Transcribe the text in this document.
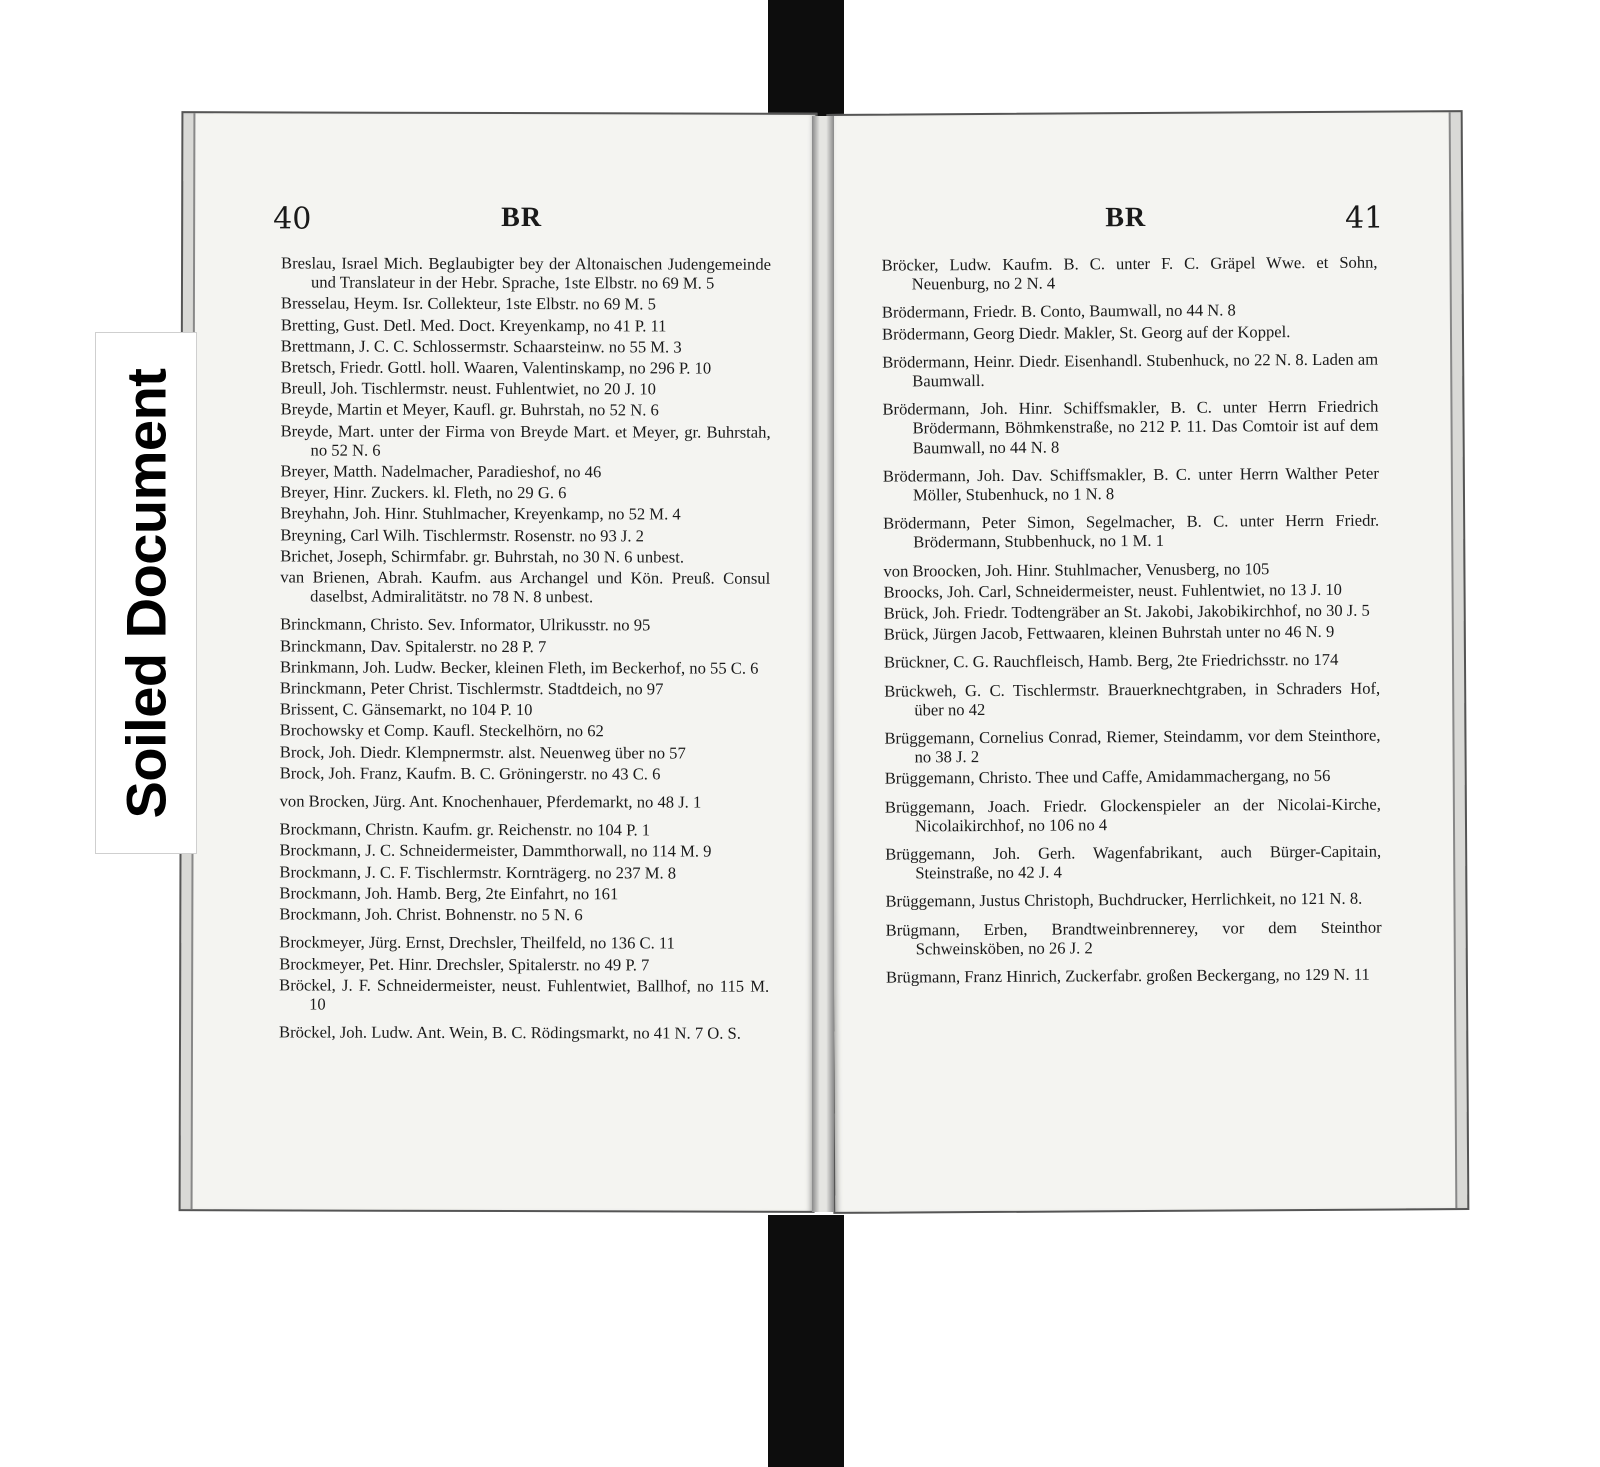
40	BR

Breslau, Israel Mich. Beglaubigter bey der Altonaischen Judengemeinde und Translateur in der Hebr. Sprache, 1ste Elbstr. no 69 M. 5

Bresselau, Heym. Isr. Collekteur, 1ste Elbstr. no 69 M. 5

Bretting, Gust. Detl. Med. Doct. Kreyenkamp, no 41 P. 11

Brettmann, J. C. C. Schlossermstr. Schaarsteinw. no 55 M. 3

Bretsch, Friedr. Gottl. holl. Waaren, Valentinskamp, no 296 P. 10

Breull, Joh. Tischlermstr. neust. Fuhlentwiet, no 20 J. 10

Breyde, Martin et Meyer, Kaufl. gr. Buhrstah, no 52 N. 6

Breyde, Mart. unter der Firma von Breyde Mart. et Meyer, gr. Buhrstah, no 52 N. 6

Breyer, Matth. Nadelmacher, Paradieshof, no 46

Breyer, Hinr. Zuckers. kl. Fleth, no 29 G. 6

Breyhahn, Joh. Hinr. Stuhlmacher, Kreyenkamp, no 52 M. 4

Breyning, Carl Wilh. Tischlermstr. Rosenstr. no 93 J. 2

Brichet, Joseph, Schirmfabr. gr. Buhrstah, no 30 N. 6 unbest.

van Brienen, Abrah. Kaufm. aus Archangel und Kön. Preuß. Consul daselbst, Admiralitätstr. no 78 N. 8 unbest.

Brinckmann, Christo. Sev. Informator, Ulrikusstr. no 95

Brinckmann, Dav. Spitalerstr. no 28 P. 7

Brinkmann, Joh. Ludw. Becker, kleinen Fleth, im Beckerhof, no 55 C. 6

Brinckmann, Peter Christ. Tischlermstr. Stadtdeich, no 97

Brissent, C. Gänsemarkt, no 104 P. 10

Brochowsky et Comp. Kaufl. Steckelhörn, no 62

Brock, Joh. Diedr. Klempnermstr. alst. Neuenweg über no 57

Brock, Joh. Franz, Kaufm. B. C. Gröningerstr. no 43 C. 6

von Brocken, Jürg. Ant. Knochenhauer, Pferdemarkt, no 48 J. 1

Brockmann, Christn. Kaufm. gr. Reichenstr. no 104 P. 1

Brockmann, J. C. Schneidermeister, Dammthorwall, no 114 M. 9

Brockmann, J. C. F. Tischlermstr. Kornträgerg. no 237 M. 8

Brockmann, Joh. Hamb. Berg, 2te Einfahrt, no 161

Brockmann, Joh. Christ. Bohnenstr. no 5 N. 6

Brockmeyer, Jürg. Ernst, Drechsler, Theilfeld, no 136 C. 11

Brockmeyer, Pet. Hinr. Drechsler, Spitalerstr. no 49 P. 7

Bröckel, J. F. Schneidermeister, neust. Fuhlentwiet, Ballhof, no 115 M. 10

Bröckel, Joh. Ludw. Ant. Wein, B. C. Rödingsmarkt, no 41 N. 7 O. S.

41
BR

Bröcker, Ludw. Kaufm. B. C. unter F. C. Gräpel Wwe. et Sohn, Neuenburg, no 2 N. 4

Brödermann, Friedr. B. Conto, Baumwall, no 44 N. 8

Brödermann, Georg Diedr. Makler, St. Georg auf der Koppel.

Brödermann, Heinr. Diedr. Eisenhandl. Stubenhuck, no 22 N. 8. Laden am Baumwall.

Brödermann, Joh. Hinr. Schiffsmakler, B. C. unter Herrn Friedrich Brödermann, Böhmkenstraße, no 212 P. 11. Das Comtoir ist auf dem Baumwall, no 44 N. 8

Brödermann, Joh. Dav. Schiffsmakler, B. C. unter Herrn Walther Peter Möller, Stubenhuck, no 1 N. 8

Brödermann, Peter Simon, Segelmacher, B. C. unter Herrn Friedr. Brödermann, Stubbenhuck, no 1 M. 1

von Broocken, Joh. Hinr. Stuhlmacher, Venusberg, no 105

Broocks, Joh. Carl, Schneidermeister, neust. Fuhlentwiet, no 13 J. 10

Brück, Joh. Friedr. Todtengräber an St. Jakobi, Jakobikirchhof, no 30 J. 5

Brück, Jürgen Jacob, Fettwaaren, kleinen Buhrstah unter no 46 N. 9

Brückner, C. G. Rauchfleisch, Hamb. Berg, 2te Friedrichsstr. no 174

Brückweh, G. C. Tischlermstr. Brauerknechtgraben, in Schraders Hof, über no 42

Brüggemann, Cornelius Conrad, Riemer, Steindamm, vor dem Steinthore, no 38 J. 2

Brüggemann, Christo. Thee und Caffe, Amidammachergang, no 56

Brüggemann, Joach. Friedr. Glockenspieler an der Nicolai-Kirche, Nicolaikirchhof, no 106 no 4

Brüggemann, Joh. Gerh. Wagenfabrikant, auch Bürger-Capitain, Steinstraße, no 42 J. 4

Brüggemann, Justus Christoph, Buchdrucker, Herrlichkeit, no 121 N. 8.

Brügmann, Erben, Brandtweinbrennerey, vor dem Steinthor Schweinsköben, no 26 J. 2

Brügmann, Franz Hinrich, Zuckerfabr. großen Beckergang, no 129 N. 11

Soiled Document
